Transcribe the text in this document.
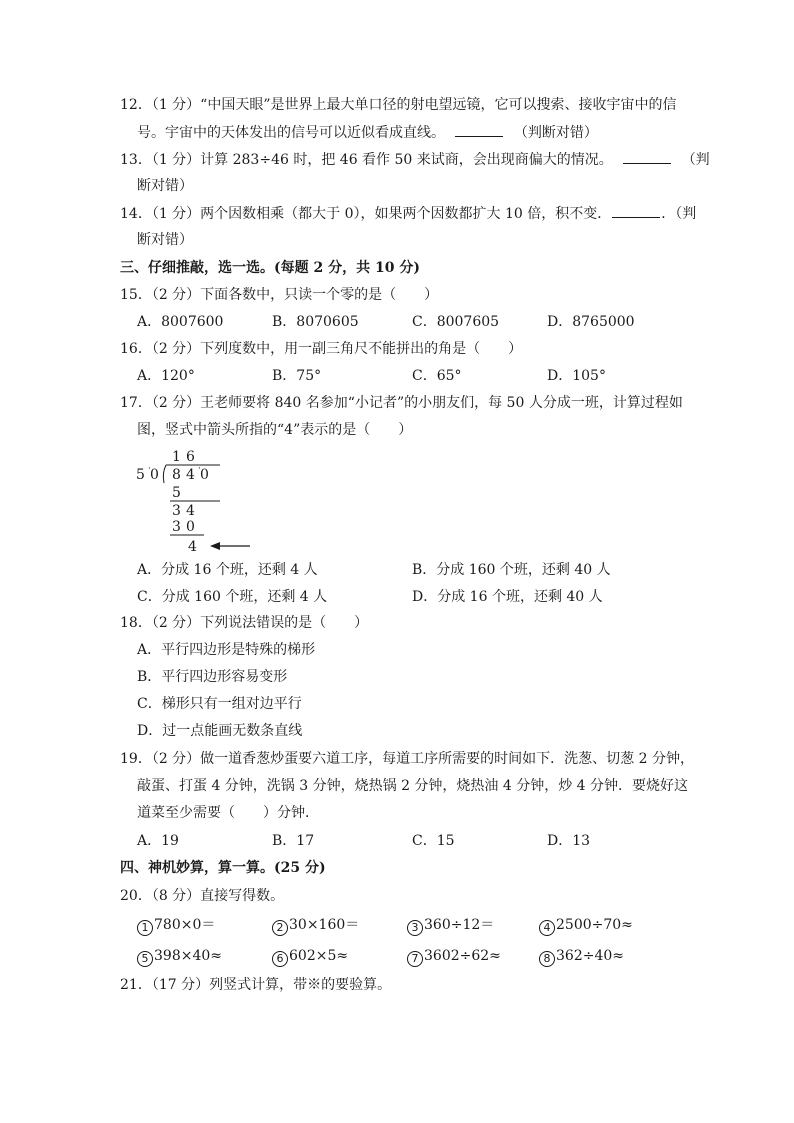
12．（1 分）“中国天眼”是世界上最大单口径的射电望远镜，它可以搜索、接收宇宙中的信
号。宇宙中的天体发出的信号可以近似看成直线。	（判断对错）
13．（1 分）计算 283÷46 时，把 46 看作 50 来试商，会出现商偏大的情况。	（判
断对错）
14．（1 分）两个因数相乘（都大于 0），如果两个因数都扩大 10 倍，积不变．	．（判
断对错）
三、仔细推敲，选一选。(每题 2 分，共 10 分)
15．（2 分）下面各数中，只读一个零的是（　　）
A．8007600	B．8070605	C．8007605	D．8765000
16．（2 分）下列度数中，用一副三角尺不能拼出的角是（　　）
A．120°	B．75°	C．65°	D．105°
17．（2 分）王老师要将 840 名参加“小记者”的小朋友们，每 50 人分成一班，计算过程如
图，竖式中箭头所指的“4”表示的是（　　）
1 6
5 0
· 8 4 0
·
5
3 4
3 0
4
A．分成 16 个班，还剩 4 人	B．分成 160 个班，还剩 40 人
C．分成 160 个班，还剩 4 人	D．分成 16 个班，还剩 40 人
18．（2 分）下列说法错误的是（　　）
A．平行四边形是特殊的梯形
B．平行四边形容易变形
C．梯形只有一组对边平行
D．过一点能画无数条直线
19．（2 分）做一道香葱炒蛋要六道工序，每道工序所需要的时间如下．洗葱、切葱 2 分钟，
敲蛋、打蛋 4 分钟，洗锅 3 分钟，烧热锅 2 分钟，烧热油 4 分钟，炒 4 分钟．要烧好这
道菜至少需要（　　）分钟．
A．19	B．17	C．15	D．13
四、神机妙算，算一算。(25 分)
20．（8 分）直接写得数。
1 780×0＝	2 30×160＝	3 360÷12＝	4 2500÷70≈
5 398×40≈	6 602×5≈	7 3602÷62≈	8 362÷40≈
21．（17 分）列竖式计算，带※的要验算。
